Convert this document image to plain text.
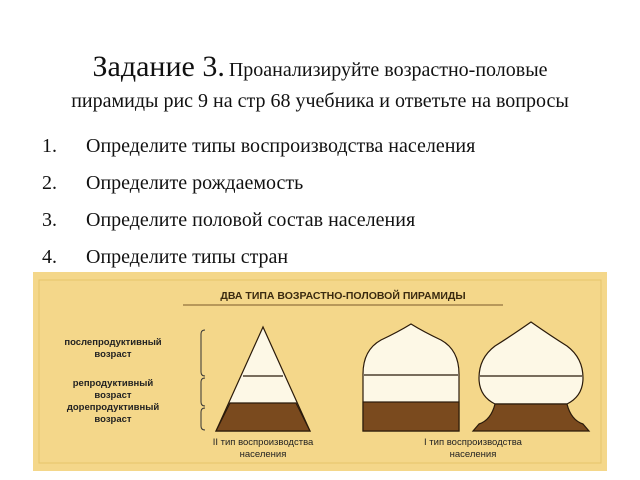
Задание 3. Проанализируйте возрастно-половые
пирамиды рис 9 на стр 68 учебника и ответьте на вопросы
1.	Определите типы воспроизводства населения
2.	Определите рождаемость
3.	Определите половой состав населения
4.	Определите типы стран
ДВА ТИПА ВОЗРАСТНО-ПОЛОВОЙ ПИРАМИДЫ
послепродуктивный
возраст
репродуктивный
возраст
дорепродуктивный
возраст
II тип воспроизводства
населения
I тип воспроизводства
населения
